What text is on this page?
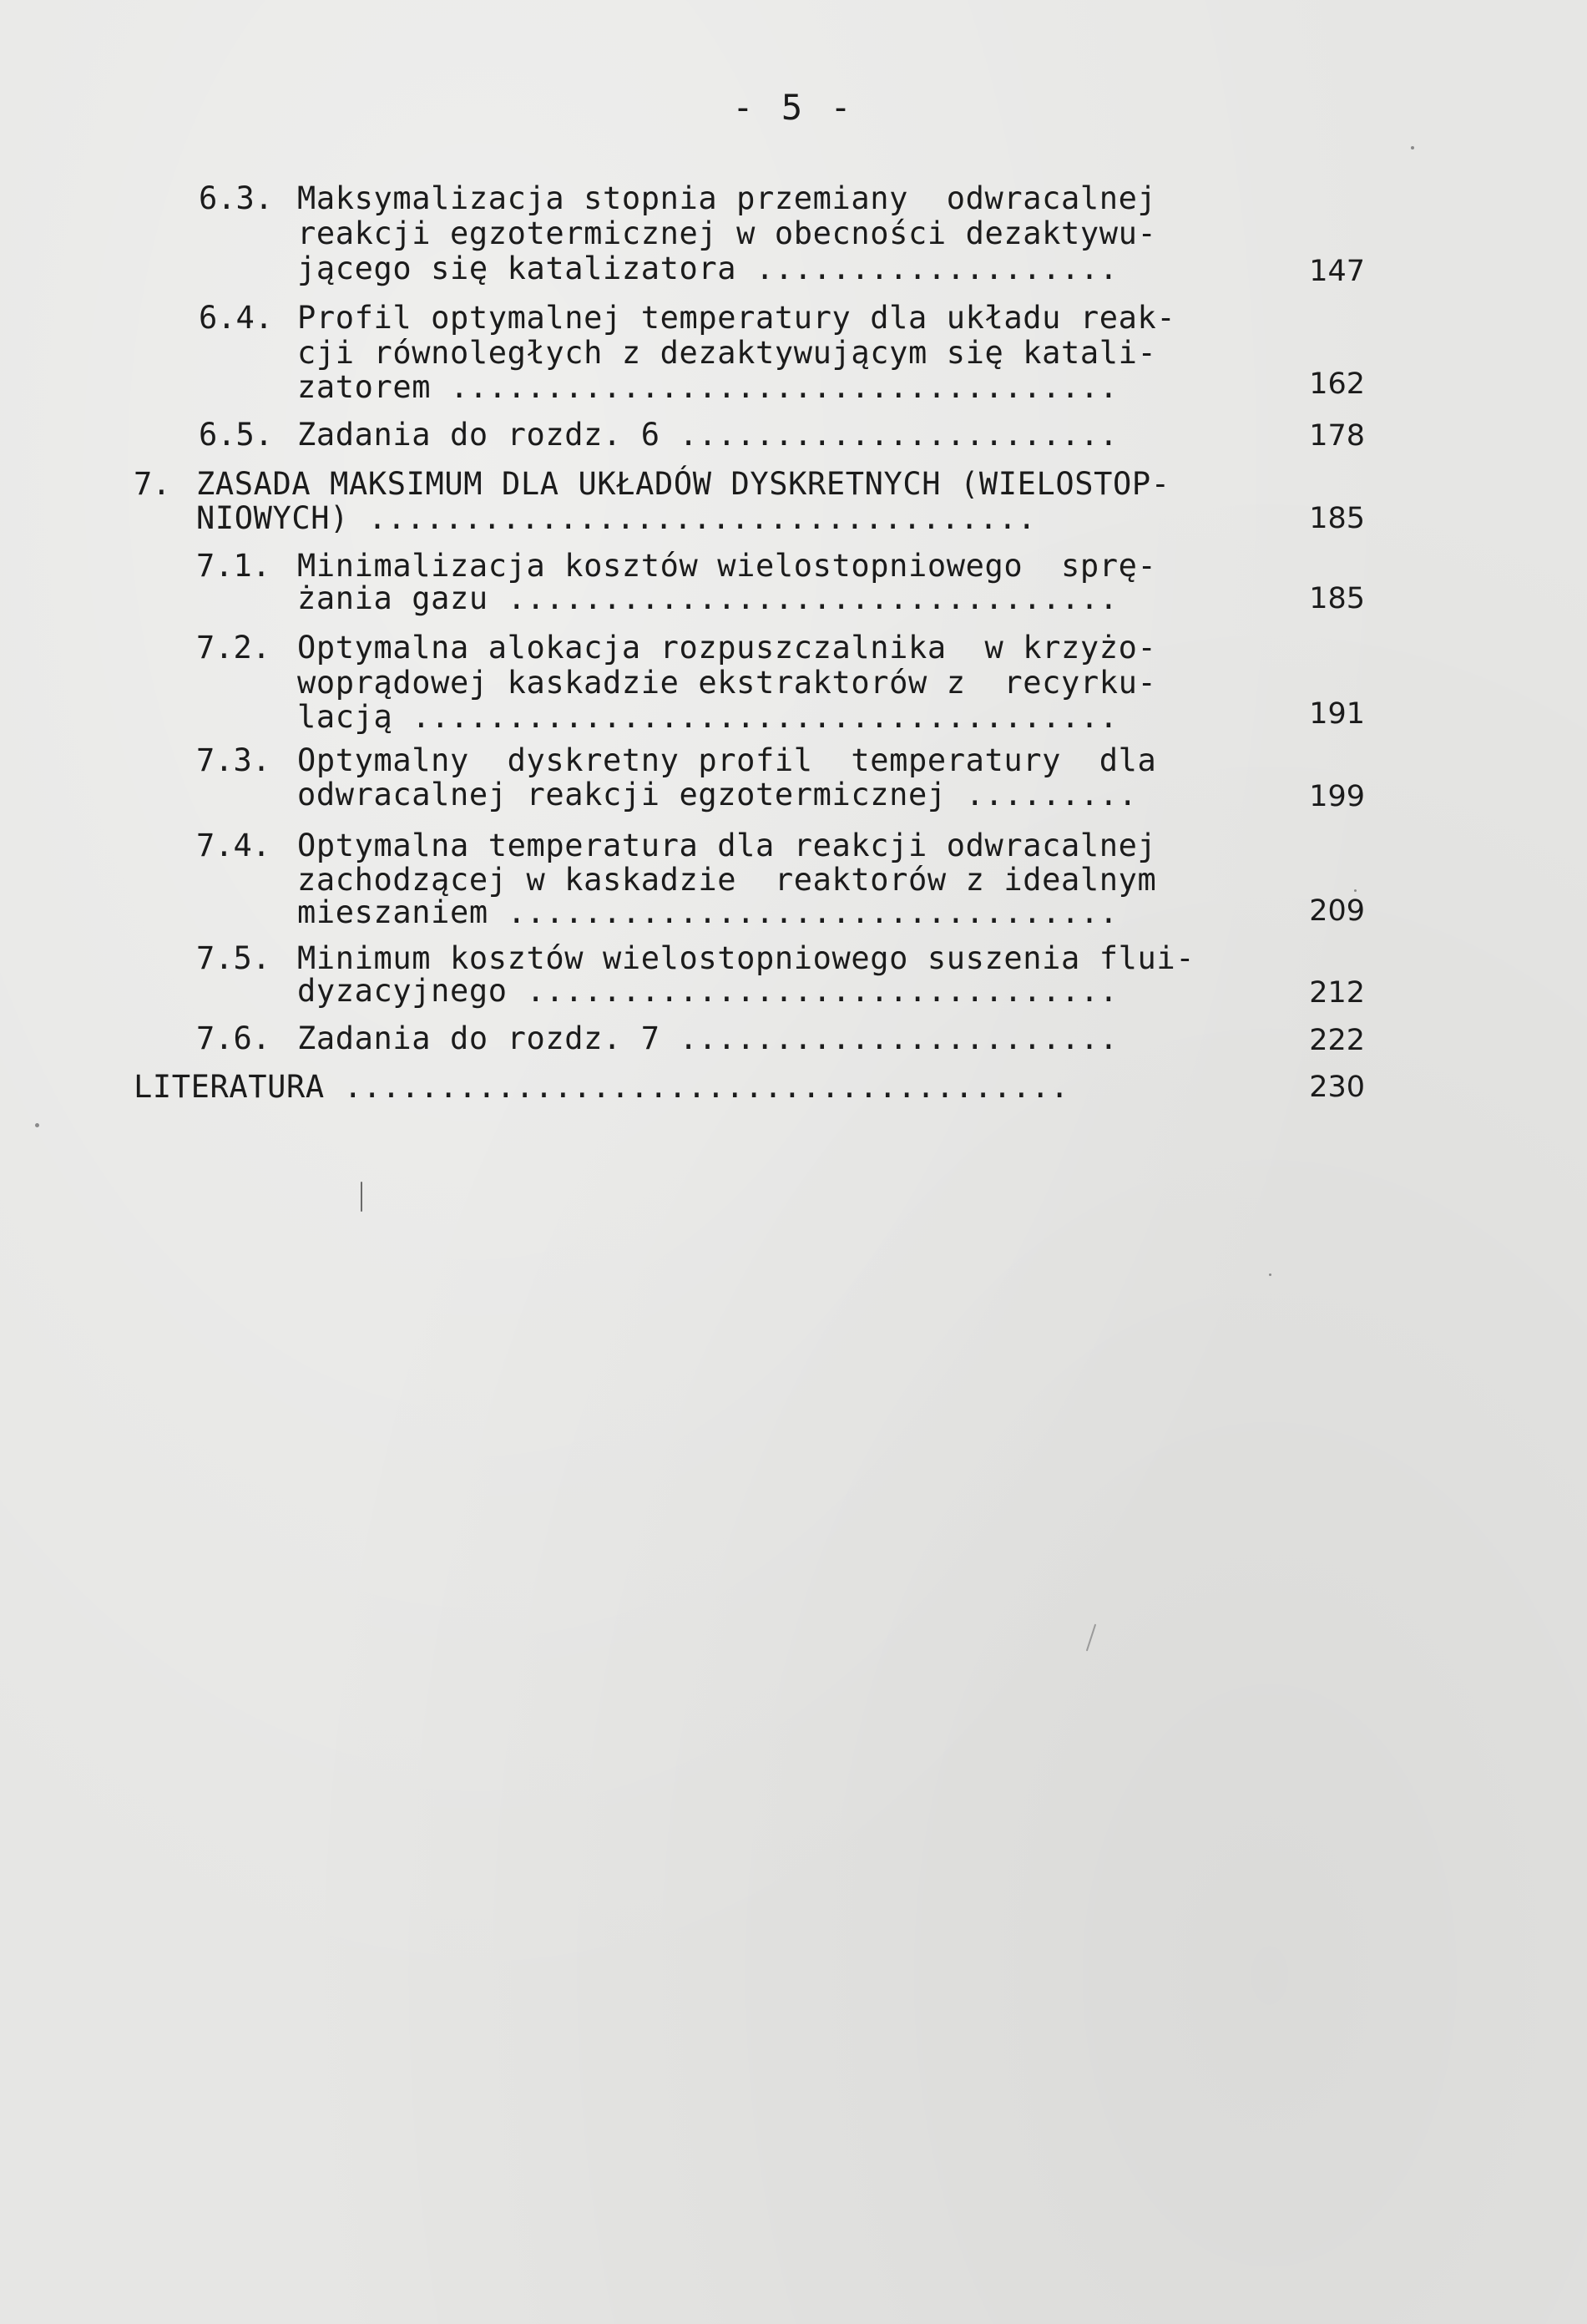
- 5 -
6.3. Maksymalizacja stopnia przemiany  odwracalnej
reakcji egzotermicznej w obecności dezaktywu-
jącego się katalizatora ...................	147
6.4. Profil optymalnej temperatury dla układu reak-
cji równoległych z dezaktywującym się katali-
zatorem ...................................	162
6.5. Zadania do rozdz. 6 .......................	178
7. ZASADA MAKSIMUM DLA UKŁADÓW DYSKRETNYCH (WIELOSTOP-
NIOWYCH) ...................................	185
7.1. Minimalizacja kosztów wielostopniowego  sprę-
żania gazu ................................	185
7.2. Optymalna alokacja rozpuszczalnika  w krzyżo-
woprądowej kaskadzie ekstraktorów z  recyrku-
lacją .....................................	191
7.3. Optymalny  dyskretny profil  temperatury  dla
odwracalnej reakcji egzotermicznej .........	199
7.4. Optymalna temperatura dla reakcji odwracalnej
zachodzącej w kaskadzie  reaktorów z idealnym
mieszaniem ................................	209
7.5. Minimum kosztów wielostopniowego suszenia flui-
dyzacyjnego ...............................	212
7.6. Zadania do rozdz. 7 .......................	222
LITERATURA ......................................	230
